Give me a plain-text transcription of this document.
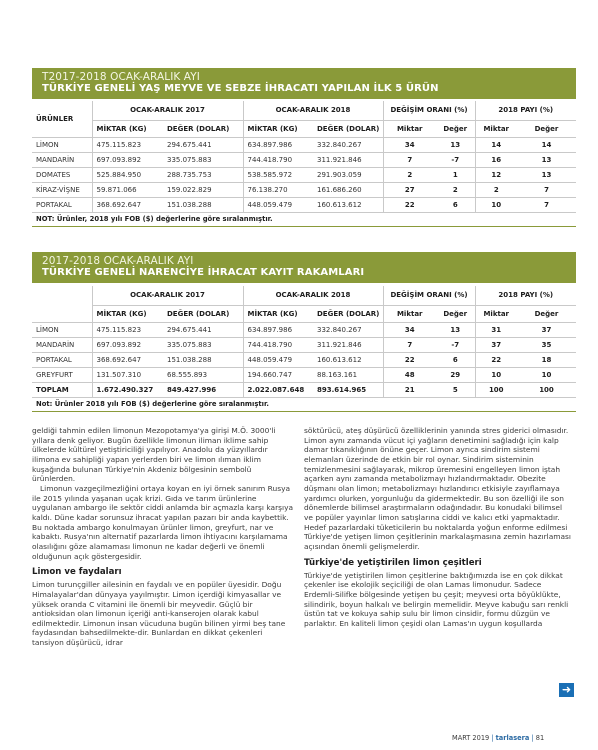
T2017-2018 OCAK-ARALIK AYI
TÜRKİYE GENELİ YAŞ MEYVE VE SEBZE İHRACATI YAPILAN İLK 5 ÜRÜN
ÜRÜNLER	OCAK-ARALIK 2017		OCAK-ARALIK 2018		DEĞİŞİM ORANI (%)		2018 PAYI (%)	
	MİKTAR (KG)	DEĞER (DOLAR)	MİKTAR (KG)	DEĞER (DOLAR)	Miktar	Değer	Miktar	Değer
LİMON	475.115.823	294.675.441	634.897.986	332.840.267	34	13	14	14
MANDARİN	697.093.892	335.075.883	744.418.790	311.921.846	7	-7	16	13
DOMATES	525.884.950	288.735.753	538.585.972	291.903.059	2	1	12	13
KİRAZ-VİŞNE	59.871.066	159.022.829	76.138.270	161.686.260	27	2	2	7
PORTAKAL	368.692.647	151.038.288	448.059.479	160.613.612	22	6	10	7
NOT: Ürünler, 2018 yılı FOB ($) değerlerine göre sıralanmıştır.								
2017-2018 OCAK-ARALIK AYI
TÜRKİYE GENELİ NARENCİYE İHRACAT KAYIT RAKAMLARI
	OCAK-ARALIK 2017		OCAK-ARALIK 2018		DEĞİŞİM ORANI (%)		2018 PAYI (%)	
	MİKTAR (KG)	DEĞER (DOLAR)	MİKTAR (KG)	DEĞER (DOLAR)	Miktar	Değer	Miktar	Değer
LİMON	475.115.823	294.675.441	634.897.986	332.840.267	34	13	31	37
MANDARİN	697.093.892	335.075.883	744.418.790	311.921.846	7	-7	37	35
PORTAKAL	368.692.647	151.038.288	448.059.479	160.613.612	22	6	22	18
GREYFURT	131.507.310	68.555.893	194.660.747	88.163.161	48	29	10	10
TOPLAM	1.672.490.327	849.427.996	2.022.087.648	893.614.965	21	5	100	100
Not: Ürünler 2018 yılı FOB ($) değerlerine göre sıralanmıştır.								

geldiği tahmin edilen limonun Mezopotamya'ya girişi M.Ö. 3000'li yıllara denk geliyor. Bugün özellikle limonun iliman iklime sahip ülkelerde kültürel yetiştiriciliği yapılıyor. Anadolu da yüzyıllardır ilimona ev sahipliği yapan yerlerden biri ve limon ılıman iklim kuşağında bulunan Türkiye'nin Akdeniz bölgesinin sembolü ürünlerden.

Limonun vazgeçilmezliğini ortaya koyan en iyi örnek sanırım Rusya ile 2015 yılında yaşanan uçak krizi. Gıda ve tarım ürünlerine uygulanan ambargo ile sektör ciddi anlamda bir açmazla karşı karşıya kaldı. Düne kadar sorunsuz ihracat yapılan pazarı bir anda kaybettik. Bu noktada ambargo konulmayan ürünler limon, greyfurt, nar ve kabaktı. Rusya'nın alternatif pazarlarda limon ihtiyacını karşılamama olasılığını göze alamaması limonun ne kadar değerli ve önemli olduğunun açık göstergesidir.

Limon ve faydaları

Limon turunçgiller ailesinin en faydalı ve en popüler üyesidir. Doğu Himalayalar'dan dünyaya yayılmıştır. Limon içerdiği kimyasallar ve yüksek oranda C vitamini ile önemli bir meyvedir. Güçlü bir antioksidan olan limonun içeriği anti-kanserojen olarak kabul edilmektedir. Limonun insan vücuduna bugün bilinen yirmi beş tane faydasından bahsedilmekte-dir. Bunlardan en dikkat çekenleri tansiyon düşürücü, idrar

söktürücü, ateş düşürücü özelliklerinin yanında stres giderici olmasıdır. Limon aynı zamanda vücut içi yağların denetimini sağladığı için kalp damar tıkanıklığının önüne geçer. Limon ayrıca sindirim sistemi elemanları üzerinde de etkin bir rol oynar. Sindirim sisteminin temizlenmesini sağlayarak, mikrop üremesini engelleyen limon iştah açarken aynı zamanda metabolizmayı hızlandırmaktadır. Obezite düşmanı olan limon; metabolizmayı hızlandırıcı etkisiyle zayıflamaya yardımcı olurken, yorgunluğu da gidermektedir. Bu son özelliği ile son dönemlerde bilimsel araştırmaların odağındadır. Bu konudaki bilimsel ve popüler yayınlar limon satışlarına ciddi ve kalıcı etki yapmaktadır. Hedef pazarlardaki tüketicilerin bu noktalarda yoğun enforme edilmesi Türkiye'de yetişen limon çeşitlerinin markalaşmasına zemin hazırlaması açısından önemli gelişmelerdir.

Türkiye'de yetiştirilen limon çeşitleri

Türkiye'de yetiştirilen limon çeşitlerine baktığımızda ise en çok dikkat çekenler ise ekolojik seçiciliği de olan Lamas limonudur. Sadece Erdemli-Silifke bölgesinde yetişen bu çeşit; meyvesi orta böyüklükte, silindirik, boyun halkalı ve belirgin memelidir. Meyve kabuğu sarı renkli üstün tat ve kokuya sahip sulu bir limon cinsidir, formu düzgün ve parlaktır. En kaliteli limon çeşidi olan Lamas'ın uygun koşullarda

➜
MART 2019 | tarlasera | 81
